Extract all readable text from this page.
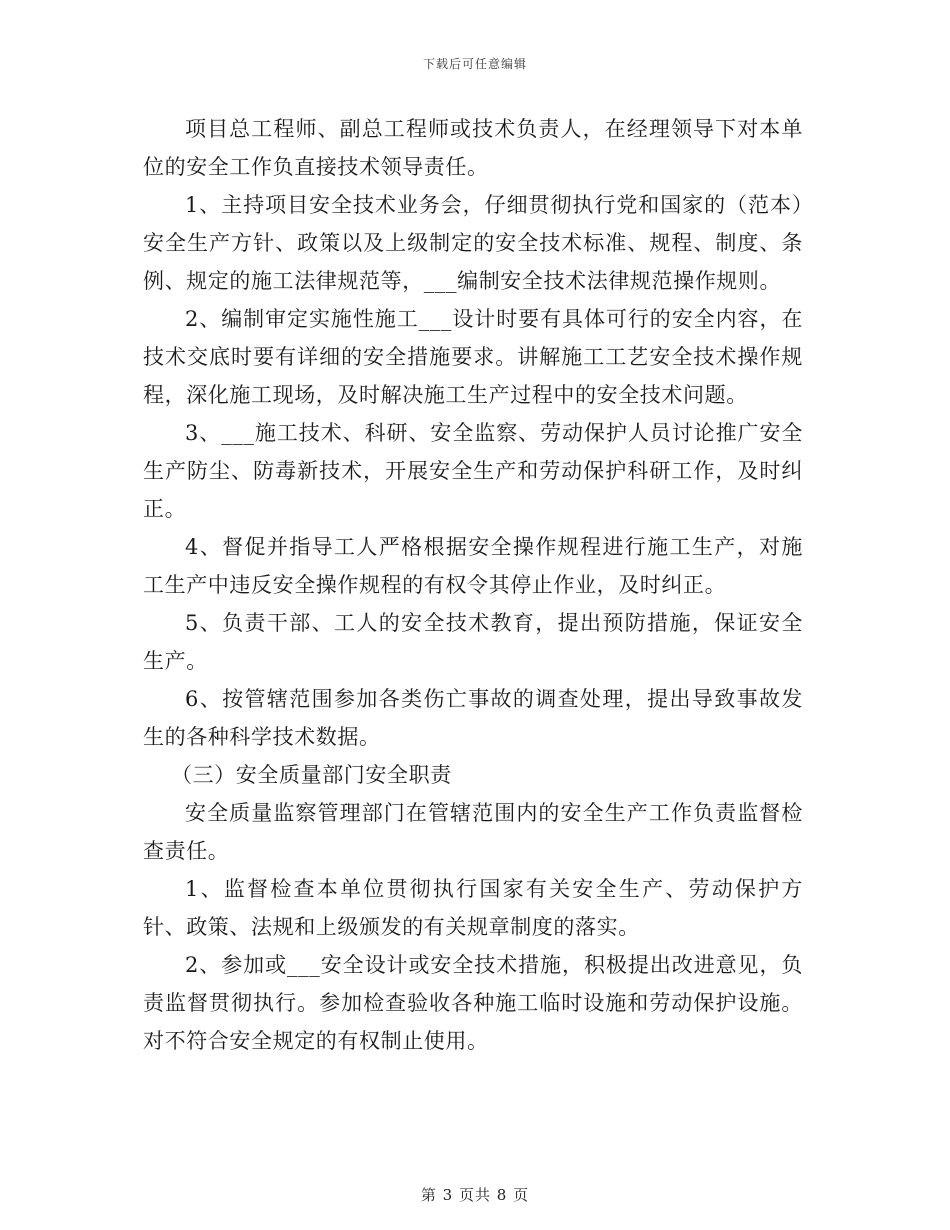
下载后可任意编辑

项目总工程师、副总工程师或技术负责人，在经理领导下对本单位的安全工作负直接技术领导责任。

1、主持项目安全技术业务会，仔细贯彻执行党和国家的（范本）安全生产方针、政策以及上级制定的安全技术标准、规程、制度、条例、规定的施工法律规范等，___编制安全技术法律规范操作规则。

2、编制审定实施性施工___设计时要有具体可行的安全内容，在技术交底时要有详细的安全措施要求。讲解施工工艺安全技术操作规程，深化施工现场，及时解决施工生产过程中的安全技术问题。

3、___施工技术、科研、安全监察、劳动保护人员讨论推广安全生产防尘、防毒新技术，开展安全生产和劳动保护科研工作，及时纠正。

4、督促并指导工人严格根据安全操作规程进行施工生产，对施工生产中违反安全操作规程的有权令其停止作业，及时纠正。

5、负责干部、工人的安全技术教育，提出预防措施，保证安全生产。

6、按管辖范围参加各类伤亡事故的调查处理，提出导致事故发生的各种科学技术数据。

（三）安全质量部门安全职责

安全质量监察管理部门在管辖范围内的安全生产工作负责监督检查责任。

1、监督检查本单位贯彻执行国家有关安全生产、劳动保护方针、政策、法规和上级颁发的有关规章制度的落实。

2、参加或___安全设计或安全技术措施，积极提出改进意见，负责监督贯彻执行。参加检查验收各种施工临时设施和劳动保护设施。对不符合安全规定的有权制止使用。

第 3 页共 8 页
